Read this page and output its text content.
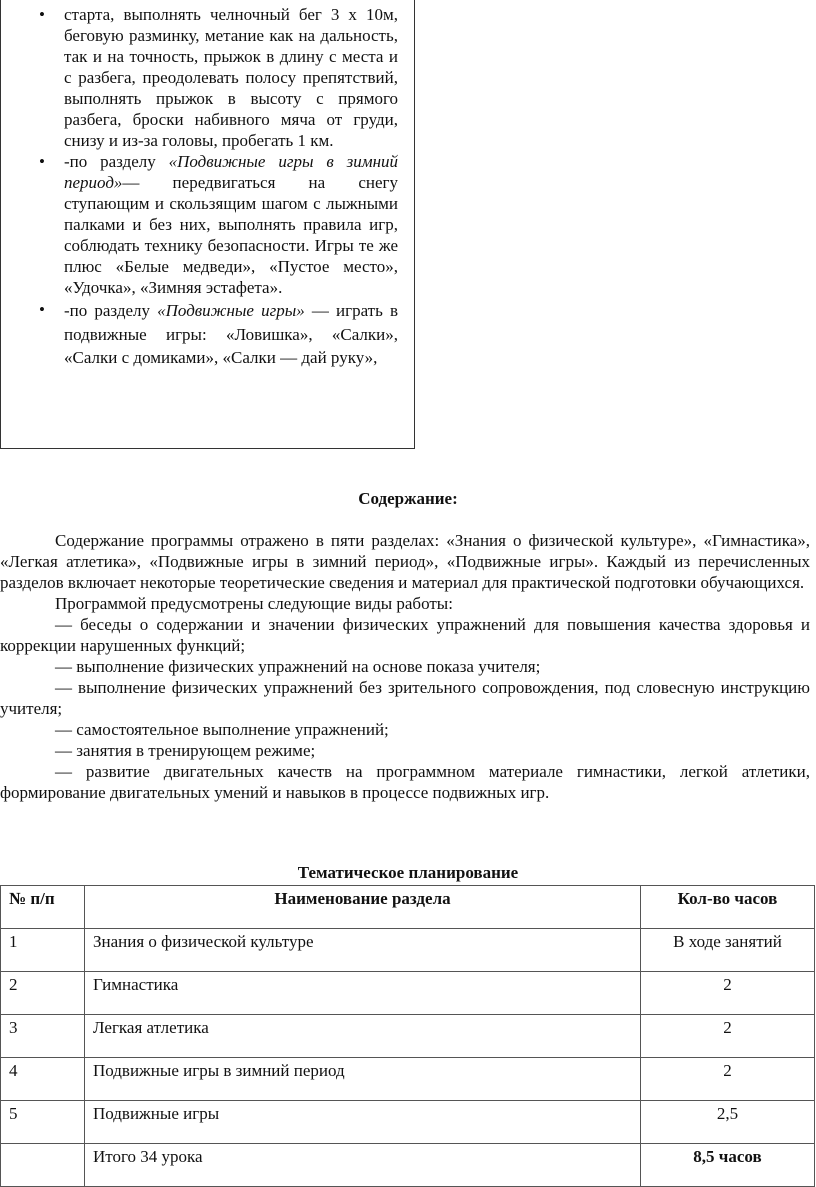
• старта, выполнять челночный бег 3 х 10м, беговую разминку, метание как на дальность, так и на точность, прыжок в длину с места и с разбега, преодолевать полосу препятствий, выполнять прыжок в высоту с прямого разбега, броски набивного мяча от груди, снизу и из-за головы, пробегать 1 км.
• -по разделу «Подвижные игры в зимний период»— передвигаться на снегу ступающим и скользящим шагом с лыжными палками и без них, выполнять правила игр, соблюдать технику безопасности. Игры те же плюс «Белые медведи», «Пустое место», «Удочка», «Зимняя эстафета».
• -по разделу «Подвижные игры» — играть в подвижные игры: «Ловишка», «Салки», «Салки с домиками», «Салки — дай руку»,
Содержание:

Содержание программы отражено в пяти разделах: «Знания о физической культуре», «Гимнастика», «Легкая атлетика», «Подвижные игры в зимний период», «Подвижные игры». Каждый из перечисленных разделов включает некоторые теоретические сведения и материал для практической подготовки обучающихся.

Программой предусмотрены следующие виды работы:

— беседы о содержании и значении физических упражнений для повышения качества здоровья и коррекции нарушенных функций;

— выполнение физических упражнений на основе показа учителя;

— выполнение физических упражнений без зрительного сопровождения, под словесную инструкцию учителя;

— самостоятельное выполнение упражнений;

— занятия в тренирующем режиме;

— развитие двигательных качеств на программном материале гимнастики, легкой атлетики, формирование двигательных умений и навыков в процессе подвижных игр.

Тематическое планирование
№ п/п	Наименование раздела	Кол-во часов
1	Знания о физической культуре	В ходе занятий
2	Гимнастика	2
3	Легкая атлетика	2
4	Подвижные игры в зимний период	2
5	Подвижные игры	2,5
	Итого 34 урока	8,5 часов
